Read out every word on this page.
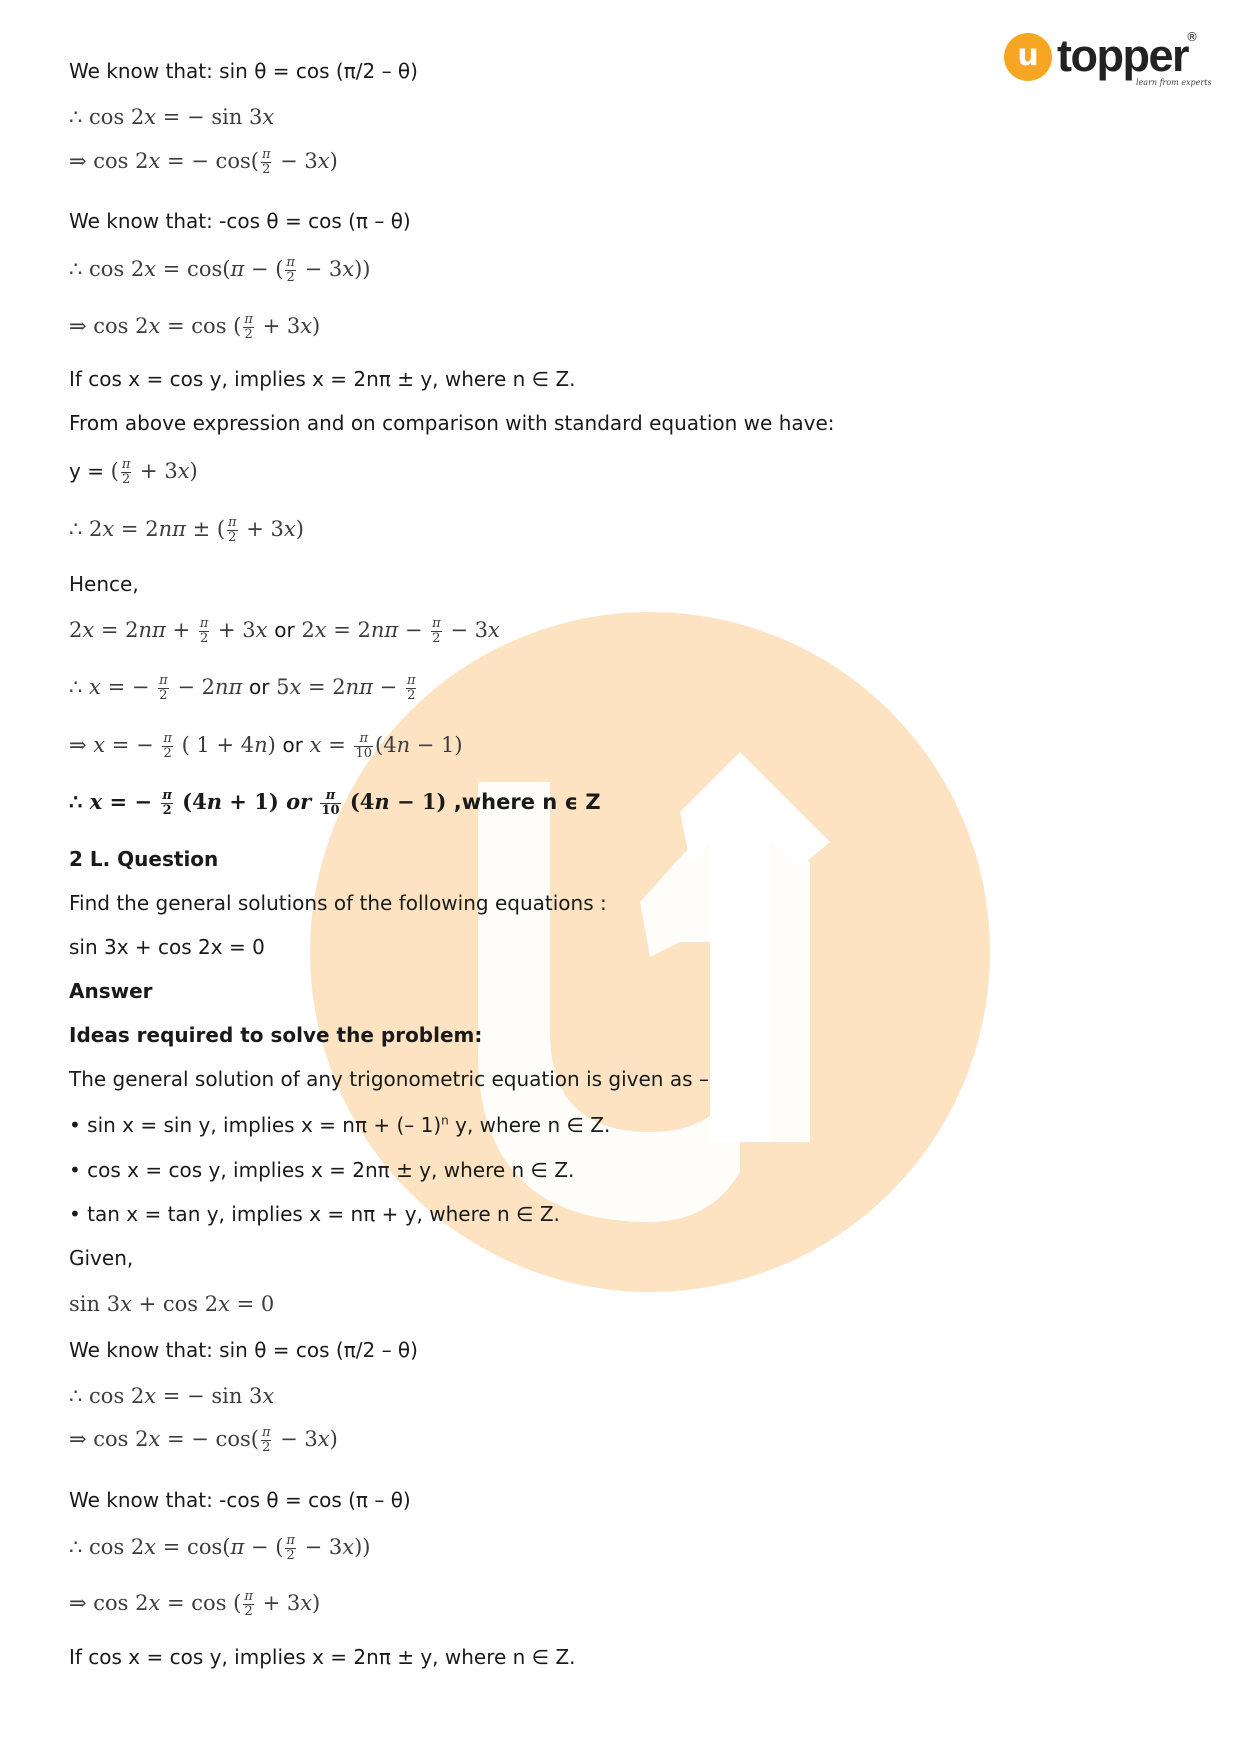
u topper
®
learn from experts
We know that: sin θ = cos (π/2 – θ)
∴ cos 2x = − sin 3x
⇒ cos 2x = − $\cos( \frac{\pi}{2} - 3x)$
We know that: -cos θ = cos (π – θ)
∴ cos 2x = cos(π − ( $\frac{\pi}{2} - 3x$))
⇒ cos 2x = cos ( $\frac{\pi}{2} + 3x$)
If cos x = cos y, implies x = 2nπ ± y, where n ∈ Z.
From above expression and on comparison with standard equation we have:
y = ( $\frac{\pi}{2} + 3x$)
∴ 2x = 2nπ ± ( $\frac{\pi}{2} + 3x$)
Hence,
$2x = 2n\pi + \frac{\pi}{2} + 3x$ or $2x = 2n\pi - \frac{\pi}{2} - 3x$
∴ x = − $\frac{\pi}{2} - 2n\pi$ or $5x = 2n\pi - \frac{\pi}{2}$
⇒ x = − $\frac{\pi}{2}$ ( 1 + 4n) or $x = \frac{\pi}{10} (4n - 1)$
∴ x = − $\frac{\pi}{2} (4n + 1)$ or $\frac{\pi}{10} (4n - 1)$ ,where n ϵ Z
2 L. Question
Find the general solutions of the following equations :
sin 3x + cos 2x = 0
Answer
Ideas required to solve the problem:
The general solution of any trigonometric equation is given as –
• sin x = sin y, implies x = nπ + (– 1)$^n$ y, where n ∈ Z.
• cos x = cos y, implies x = 2nπ ± y, where n ∈ Z.
• tan x = tan y, implies x = nπ + y, where n ∈ Z.
Given,
sin 3x + cos 2x = 0
We know that: sin θ = cos (π/2 – θ)
∴ cos 2x = − sin 3x
⇒ cos 2x = − $\cos( \frac{\pi}{2} - 3x)$
We know that: -cos θ = cos (π – θ)
∴ cos 2x = cos(π − ( $\frac{\pi}{2} - 3x$))
⇒ cos 2x = cos ( $\frac{\pi}{2} + 3x$)
If cos x = cos y, implies x = 2nπ ± y, where n ∈ Z.
